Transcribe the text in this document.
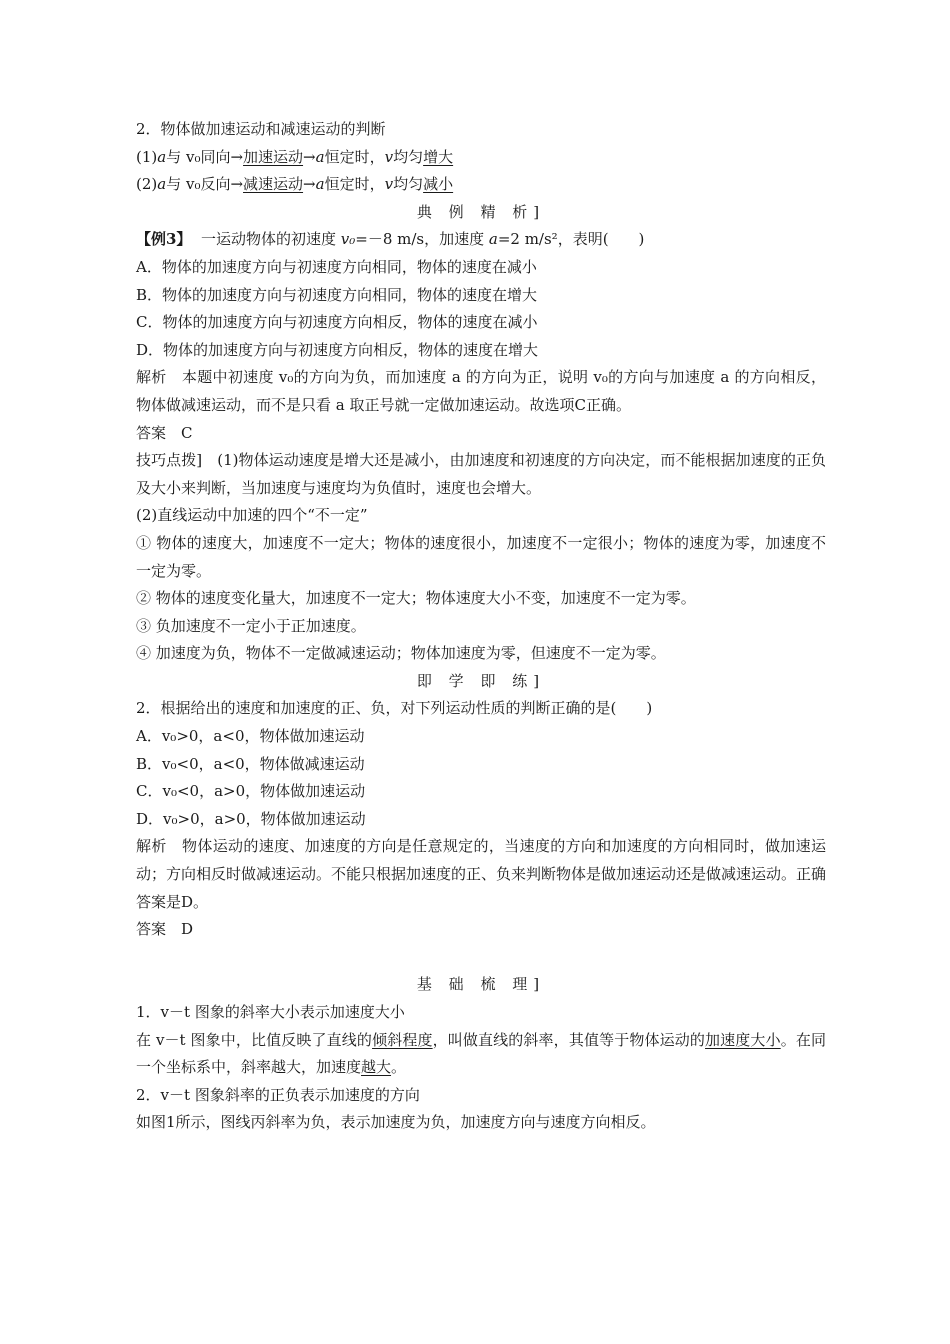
2．物体做加速运动和减速运动的判断
(1)a与 v₀同向→加速运动→a恒定时，v均匀增大
(2)a与 v₀反向→减速运动→a恒定时，v均匀减小
典 例 精 析]
【例3】  一运动物体的初速度 v₀=－8 m/s，加速度 a=2 m/s²，表明(　　)
A．物体的加速度方向与初速度方向相同，物体的速度在减小
B．物体的加速度方向与初速度方向相同，物体的速度在增大
C．物体的加速度方向与初速度方向相反，物体的速度在减小
D．物体的加速度方向与初速度方向相反，物体的速度在增大
解析　本题中初速度 v₀的方向为负，而加速度 a 的方向为正，说明 v₀的方向与加速度 a 的方向相反，物体做减速运动，而不是只看 a 取正号就一定做加速运动。故选项C正确。
答案　C
技巧点拨]　(1)物体运动速度是增大还是减小，由加速度和初速度的方向决定，而不能根据加速度的正负及大小来判断，当加速度与速度均为负值时，速度也会增大。
(2)直线运动中加速的四个“不一定”
① 物体的速度大，加速度不一定大；物体的速度很小，加速度不一定很小；物体的速度为零，加速度不一定为零。
② 物体的速度变化量大，加速度不一定大；物体速度大小不变，加速度不一定为零。
③ 负加速度不一定小于正加速度。
④ 加速度为负，物体不一定做减速运动；物体加速度为零，但速度不一定为零。
即 学 即 练]
2．根据给出的速度和加速度的正、负，对下列运动性质的判断正确的是(　　)
A．v₀>0，a<0，物体做加速运动
B．v₀<0，a<0，物体做减速运动
C．v₀<0，a>0，物体做加速运动
D．v₀>0，a>0，物体做加速运动
解析　物体运动的速度、加速度的方向是任意规定的，当速度的方向和加速度的方向相同时，做加速运动；方向相反时做减速运动。不能只根据加速度的正、负来判断物体是做加速运动还是做减速运动。正确答案是D。
答案　D
基 础 梳 理]
1．v－t 图象的斜率大小表示加速度大小
在 v－t 图象中，比值反映了直线的倾斜程度，叫做直线的斜率，其值等于物体运动的加速度大小。在同一个坐标系中，斜率越大，加速度越大。
2．v－t 图象斜率的正负表示加速度的方向
如图1所示，图线丙斜率为负，表示加速度为负，加速度方向与速度方向相反。
